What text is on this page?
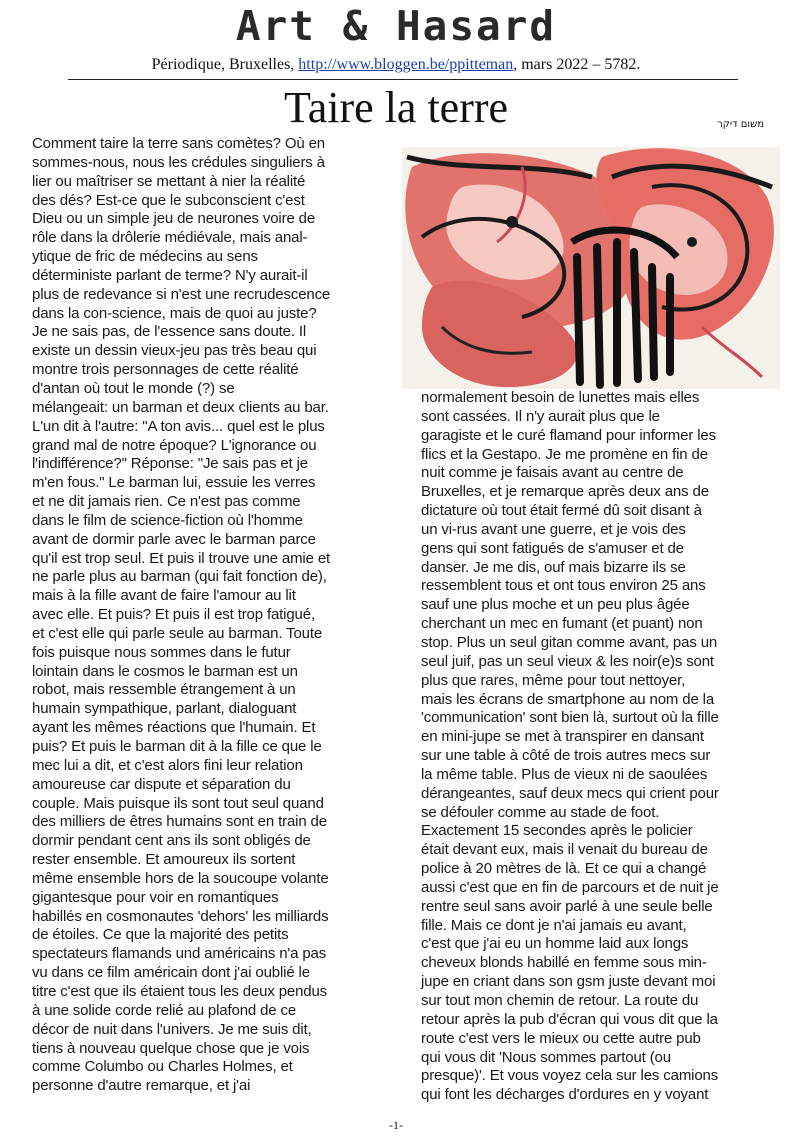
Art & Hasard
Périodique, Bruxelles, http://www.bloggen.be/ppitteman, mars 2022 – 5782.
Taire la terre	משום דיקר
Comment taire la terre sans comètes? Où en
sommes-nous, nous les crédules singuliers à
lier ou maîtriser se mettant à nier la réalité
des dés? Est-ce que le subconscient c'est
Dieu ou un simple jeu de neurones voire de
rôle dans la drôlerie médiévale, mais anal-
ytique de fric de médecins au sens
déterministe parlant de terme? N'y aurait-il
plus de redevance si n'est une recrudescence
dans la con-science, mais de quoi au juste?
Je ne sais pas, de l'essence sans doute. Il
existe un dessin vieux-jeu pas très beau qui
montre trois personnages de cette réalité
d'antan où tout le monde (?) se
mélangeait: un barman et deux clients au bar.
L'un dit à l'autre: "A ton avis... quel est le plus
grand mal de notre époque? L'ignorance ou
l'indifférence?" Réponse: "Je sais pas et je
m'en fous." Le barman lui, essuie les verres
et ne dit jamais rien. Ce n'est pas comme
dans le film de science-fiction où l'homme
avant de dormir parle avec le barman parce
qu'il est trop seul. Et puis il trouve une amie et
ne parle plus au barman (qui fait fonction de),
mais à la fille avant de faire l'amour au lit
avec elle. Et puis? Et puis il est trop fatigué,
et c'est elle qui parle seule au barman. Toute
fois puisque nous sommes dans le futur
lointain dans le cosmos le barman est un
robot, mais ressemble étrangement à un
humain sympathique, parlant, dialoguant
ayant les mêmes réactions que l'humain. Et
puis? Et puis le barman dit à la fille ce que le
mec lui a dit, et c'est alors fini leur relation
amoureuse car dispute et séparation du
couple. Mais puisque ils sont tout seul quand
des milliers de êtres humains sont en train de
dormir pendant cent ans ils sont obligés de
rester ensemble. Et amoureux ils sortent
même ensemble hors de la soucoupe volante
gigantesque pour voir en romantiques
habillés en cosmonautes 'dehors' les milliards
de étoiles. Ce que la majorité des petits
spectateurs flamands und américains n'a pas
vu dans ce film américain dont j'ai oublié le
titre c'est que ils étaient tous les deux pendus
à une solide corde relié au plafond de ce
décor de nuit dans l'univers. Je me suis dit,
tiens à nouveau quelque chose que je vois
comme Columbo ou Charles Holmes, et
personne d'autre remarque, et j'ai
normalement besoin de lunettes mais elles
sont cassées. Il n'y aurait plus que le
garagiste et le curé flamand pour informer les
flics et la Gestapo. Je me promène en fin de
nuit comme je faisais avant au centre de
Bruxelles, et je remarque après deux ans de
dictature où tout était fermé dû soit disant à
un vi-rus avant une guerre, et je vois des
gens qui sont fatigués de s'amuser et de
danser. Je me dis, ouf mais bizarre ils se
ressemblent tous et ont tous environ 25 ans
sauf une plus moche et un peu plus âgée
cherchant un mec en fumant (et puant) non
stop. Plus un seul gitan comme avant, pas un
seul juif, pas un seul vieux & les noir(e)s sont
plus que rares, même pour tout nettoyer,
mais les écrans de smartphone au nom de la
'communication' sont bien là, surtout où la fille
en mini-jupe se met à transpirer en dansant
sur une table à côté de trois autres mecs sur
la même table. Plus de vieux ni de saoulées
dérangeantes, sauf deux mecs qui crient pour
se défouler comme au stade de foot.
Exactement 15 secondes après le policier
était devant eux, mais il venait du bureau de
police à 20 mètres de là. Et ce qui a changé
aussi c'est que en fin de parcours et de nuit je
rentre seul sans avoir parlé à une seule belle
fille. Mais ce dont je n'ai jamais eu avant,
c'est que j'ai eu un homme laid aux longs
cheveux blonds habillé en femme sous min-
jupe en criant dans son gsm juste devant moi
sur tout mon chemin de retour. La route du
retour après la pub d'écran qui vous dit que la
route c'est vers le mieux ou cette autre pub
qui vous dit 'Nous sommes partout (ou
presque)'. Et vous voyez cela sur les camions
qui font les décharges d'ordures en y voyant
-1-
